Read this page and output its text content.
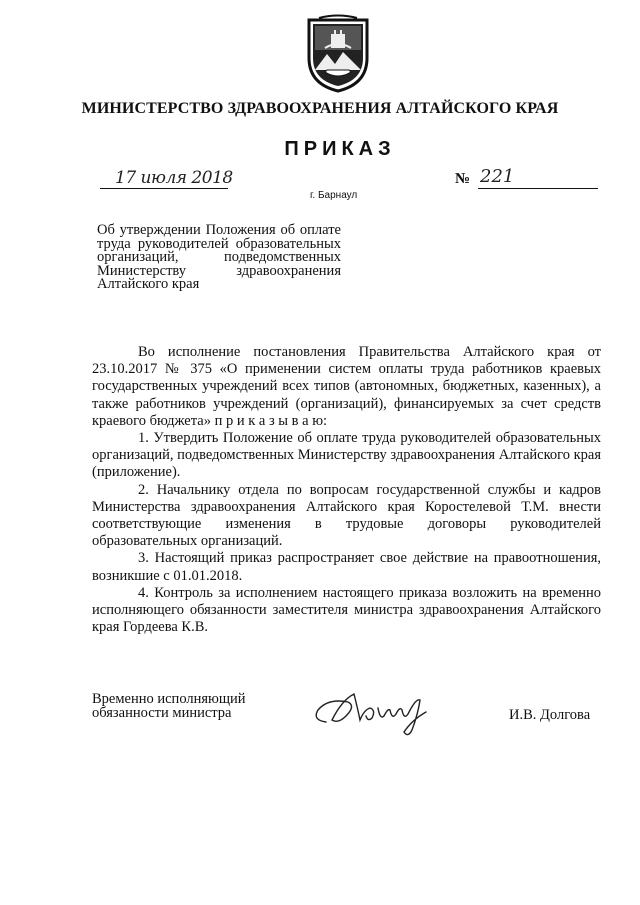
МИНИСТЕРСТВО ЗДРАВООХРАНЕНИЯ АЛТАЙСКОГО КРАЯ
ПРИКАЗ
17 июля 2018
г. Барнаул
№ 221
Об утверждении Положения об оплате труда руководителей образовательных организаций, подведомственных Министерству здравоохранения Алтайского края

Во исполнение постановления Правительства Алтайского края от 23.10.2017 № 375 «О применении систем оплаты труда работников краевых государственных учреждений всех типов (автономных, бюджетных, казенных), а также работников учреждений (организаций), финансируемых за счет средств краевого бюджета» п р и к а з ы в а ю:

1. Утвердить Положение об оплате труда руководителей образовательных организаций, подведомственных Министерству здравоохранения Алтайского края (приложение).

2. Начальнику отдела по вопросам государственной службы и кадров Министерства здравоохранения Алтайского края Коростелевой Т.М. внести соответствующие изменения в трудовые договоры руководителей образовательных организаций.

3. Настоящий приказ распространяет свое действие на правоотношения, возникшие с 01.01.2018.

4. Контроль за исполнением настоящего приказа возложить на временно исполняющего обязанности заместителя министра здравоохранения Алтайского края Гордеева К.В.

Временно исполняющий
обязанности министра	И.В. Долгова
